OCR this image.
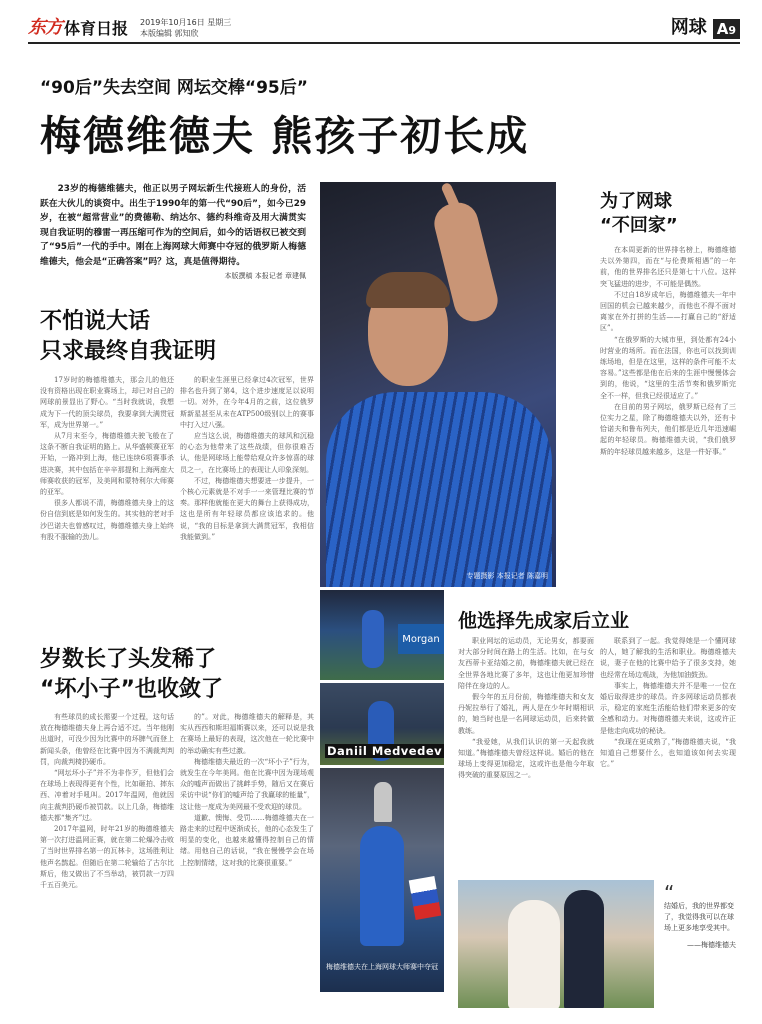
东方 体育日报 2019年10月16日 星期三
本版编辑 郭知欣	网球 A9
“90后”失去空间 网坛交棒“95后”
梅德维德夫 熊孩子初长成
23岁的梅德维德夫，他正以男子网坛新生代接班人的身份，活跃在大伙儿的谈资中。出生于1990年的第一代“90后”，如今已29岁，在被“超常营业”的费德勒、纳达尔、德约科维奇及用大满贯实现自我证明的穆雷一再压缩可作为的空间后，如今的话语权已被交到了“95后”一代的手中。刚在上海网球大师赛中夺冠的俄罗斯人梅德维德夫，他会是“正确答案”吗？这，真是值得期待。
本版撰稿 本报记者 章建佩
专题摄影 本报记者 陈嘉明
Morgan
Daniil Medvedev
梅德维德夫在上海网球大师赛中夺冠
“
结婚后，我的世界都变了，我觉得我可以在球场上更多地享受其中。
——梅德维德夫
不怕说大话
只求最终自我证明
岁数长了头发稀了
“坏小子”也收敛了
为了网球
“不回家”
他选择先成家后立业

17岁时的梅德维德夫，那会儿的他还没有资格出现在职业赛场上，却已对自己的网球前景显出了野心。“当时我就说，我想成为下一代的顶尖球员，我要拿到大满贯冠军，成为世界第一。”

从7月末至今，梅德维德夫驶飞般在了这条不断自我证明的路上。从华盛顿赛亚军开始，一路冲到上海，他已连续6项赛事杀进决赛，其中包括在辛辛那提和上海两座大师赛收获的冠军，及美网和蒙特利尔大师赛的亚军。

很多人都说不清，梅德维德夫身上的这份自信到底是如何发生的。其实他的老对手沙巴诺夫也曾感叹过，梅德维德夫身上始终有股不服输的劲儿。

的职业生涯里已经拿过4次冠军，世界排名也升到了第4，这个进步速度足以说明一切。对外，在今年4月的之前，这位俄罗斯新星甚至从未在ATP500级别以上的赛事中打入过八强。

应当这么说，梅德维德夫的球风和沉稳的心态为他带来了这些战绩，但你很难否认，他是网球场上能带给观众许多惊喜的球员之一，在比赛场上的表现让人印象深刻。

不过，梅德维德夫想要进一步提升，一个核心元素就是不对手一一来管理比赛的节奏。那样他就能在更大的舞台上获得成功，这也是所有年轻球员都应该追求的。他说，“我的目标是拿到大满贯冠军，我相信我能做到。”

有些球员的成长需要一个过程，这句话放在梅德维德夫身上再合适不过。当年他刚出道时，可没少因为比赛中的坏脾气而登上新闻头条，他曾经在比赛中因为不满裁判判罚，向裁判椅扔硬币。

“网坛坏小子”并不为非作歹，但他们会在球场上表现得更有个性，比如砸拍、摔东西、冲着对手吼叫。2017年温网，他就因向主裁判扔硬币被罚款。以上几条，梅德维德夫都“集齐”过。

2017年温网，时年21岁的梅德维德夫第一次打进温网正赛，就在第二轮爆冷击败了当时世界排名第一的瓦林卡，这场胜利让他声名鹊起。但随后在第二轮输给了古尔比斯后，他又做出了不当举动，被罚款一万四千五百美元。

的”。对此，梅德维德夫的解释是，其实从西西和斯坦福斯赛以来，还可以说是我在赛场上最好的表现，这次他在一轮比赛中的举动确实有些过激。

梅德维德夫最近的一次“坏小子”行为，就发生在今年美网。他在比赛中因为现场观众的嘘声而做出了挑衅手势，随后又在赛后采访中说“你们的嘘声给了我赢球的能量”，这让他一度成为美网最不受欢迎的球员。

道歉、懊悔、受罚……梅德维德夫在一路走来的过程中逐渐成长，他的心态发生了明显的变化，也越来越懂得控制自己的情绪。用他自己的话说，“我在慢慢学会在场上控制情绪，这对我的比赛很重要。”

在本周更新的世界排名榜上，梅德维德夫以外第四，而在“与伦费斯相遇”的一年前，他的世界排名还只是第七十八位。这样突飞猛进的进步，不可能是偶然。

不过自18岁成年后，梅德维德夫一年中回国的机会已越来越少，而他也不得不面对离家在外打拼的生活——打赢自己的“舒适区”。

“在俄罗斯的大城市里，到处都有24小时营业的场所。而在法国，你也可以找到训练场地，但是在这里，这样的条件可能不太容易。”这些都是他在后来的生涯中慢慢体会到的，他说，“这里的生活节奏和俄罗斯完全不一样，但我已经很适应了。”

在目前的男子网坛，俄罗斯已经有了三位实力之星，除了梅德维德夫以外，还有卡恰诺夫和鲁布列夫，他们都是近几年迅速崛起的年轻球员。梅德维德夫说，“我们俄罗斯的年轻球员越来越多，这是一件好事。”

职业网坛的运动员，无论男女，都要面对大部分时间在路上的生活。比如，在与女友西蒂卡亚结婚之前，梅德维德夫就已经在全世界各地比赛了多年，这也让他更加珍惜陪伴在身边的人。

假今年的五月份前，梅德维德夫和女友丹妮拉举行了婚礼，两人是在少年时期相识的，她当时也是一名网球运动员，后来转做教练。

“我爱她，从我们认识的第一天起我就知道。”梅德维德夫曾经这样说。婚后的他在球场上变得更加稳定，这或许也是他今年取得突破的重要原因之一。

联系到了一起。我觉得她是一个懂网球的人，她了解我的生活和职业。梅德维德夫说，妻子在他的比赛中给予了很多支持，她也经常在场边观战，为他加油鼓劲。

事实上，梅德维德夫并不是唯一一位在婚后取得进步的球员。许多网球运动员都表示，稳定的家庭生活能给他们带来更多的安全感和动力。对梅德维德夫来说，这或许正是他走向成功的秘诀。

“我现在更成熟了，”梅德维德夫说，“我知道自己想要什么，也知道该如何去实现它。”
